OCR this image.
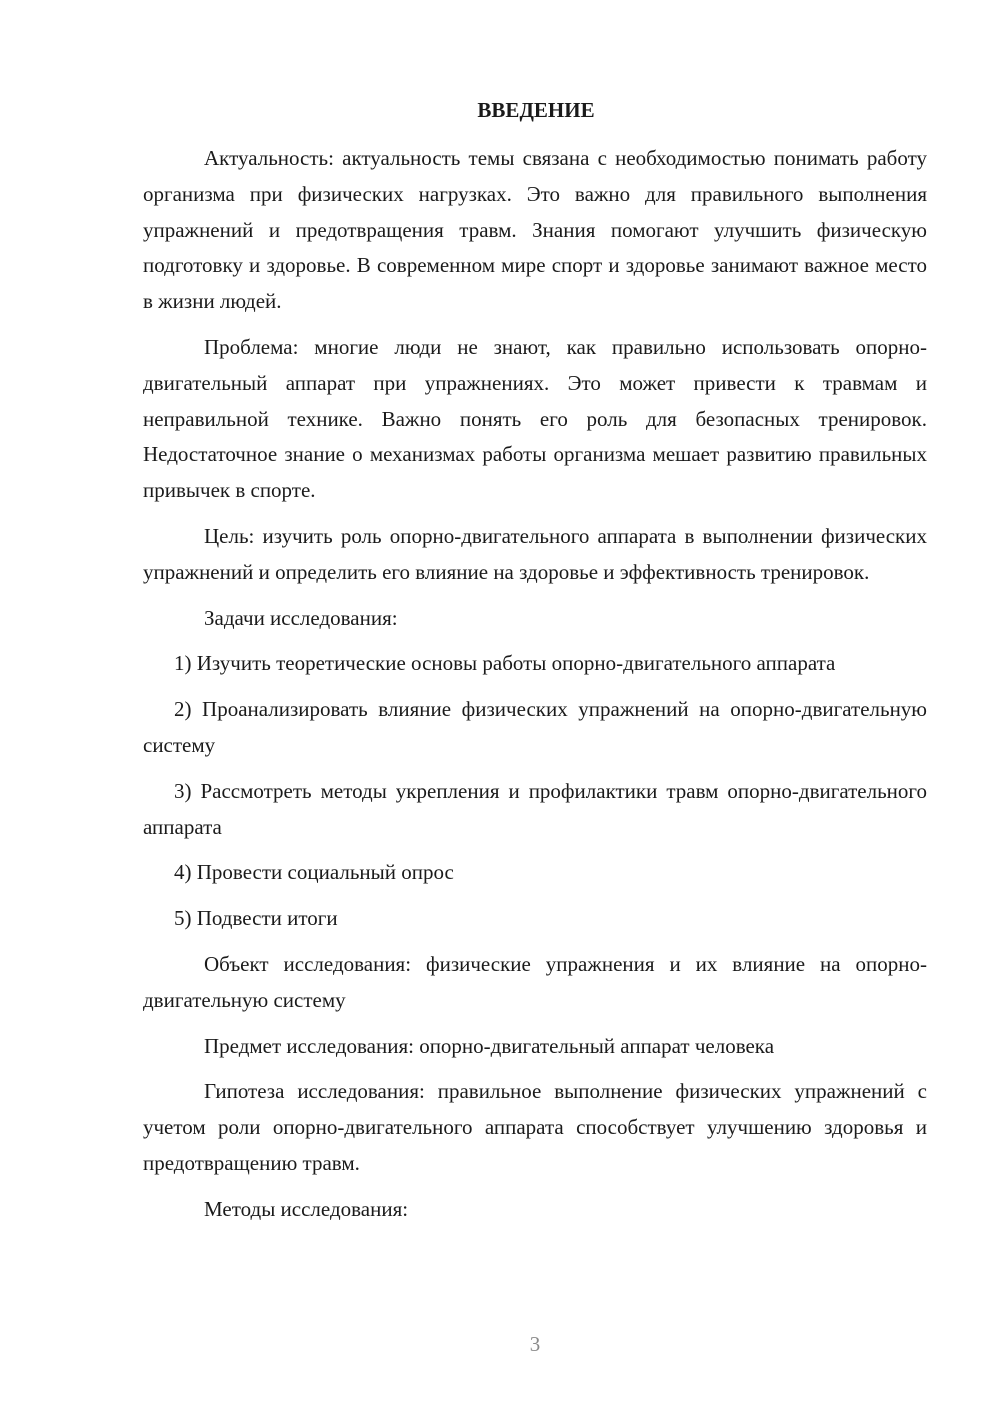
ВВЕДЕНИЕ

Актуальность: актуальность темы связана с необходимостью понимать работу организма при физических нагрузках. Это важно для правильного выполнения упражнений и предотвращения травм. Знания помогают улучшить физическую подготовку и здоровье. В современном мире спорт и здоровье занимают важное место в жизни людей.

Проблема: многие люди не знают, как правильно использовать опорно-двигательный аппарат при упражнениях. Это может привести к травмам и неправильной технике. Важно понять его роль для безопасных тренировок. Недостаточное знание о механизмах работы организма мешает развитию правильных привычек в спорте.

Цель: изучить роль опорно-двигательного аппарата в выполнении физических упражнений и определить его влияние на здоровье и эффективность тренировок.

Задачи исследования:

1) Изучить теоретические основы работы опорно-двигательного аппарата

2) Проанализировать влияние физических упражнений на опорно-двигательную систему

3) Рассмотреть методы укрепления и профилактики травм опорно-двигательного аппарата

4) Провести социальный опрос

5) Подвести итоги

Объект исследования: физические упражнения и их влияние на опорно-двигательную систему

Предмет исследования: опорно-двигательный аппарат человека

Гипотеза исследования: правильное выполнение физических упражнений с учетом роли опорно-двигательного аппарата способствует улучшению здоровья и предотвращению травм.

Методы исследования:

3
